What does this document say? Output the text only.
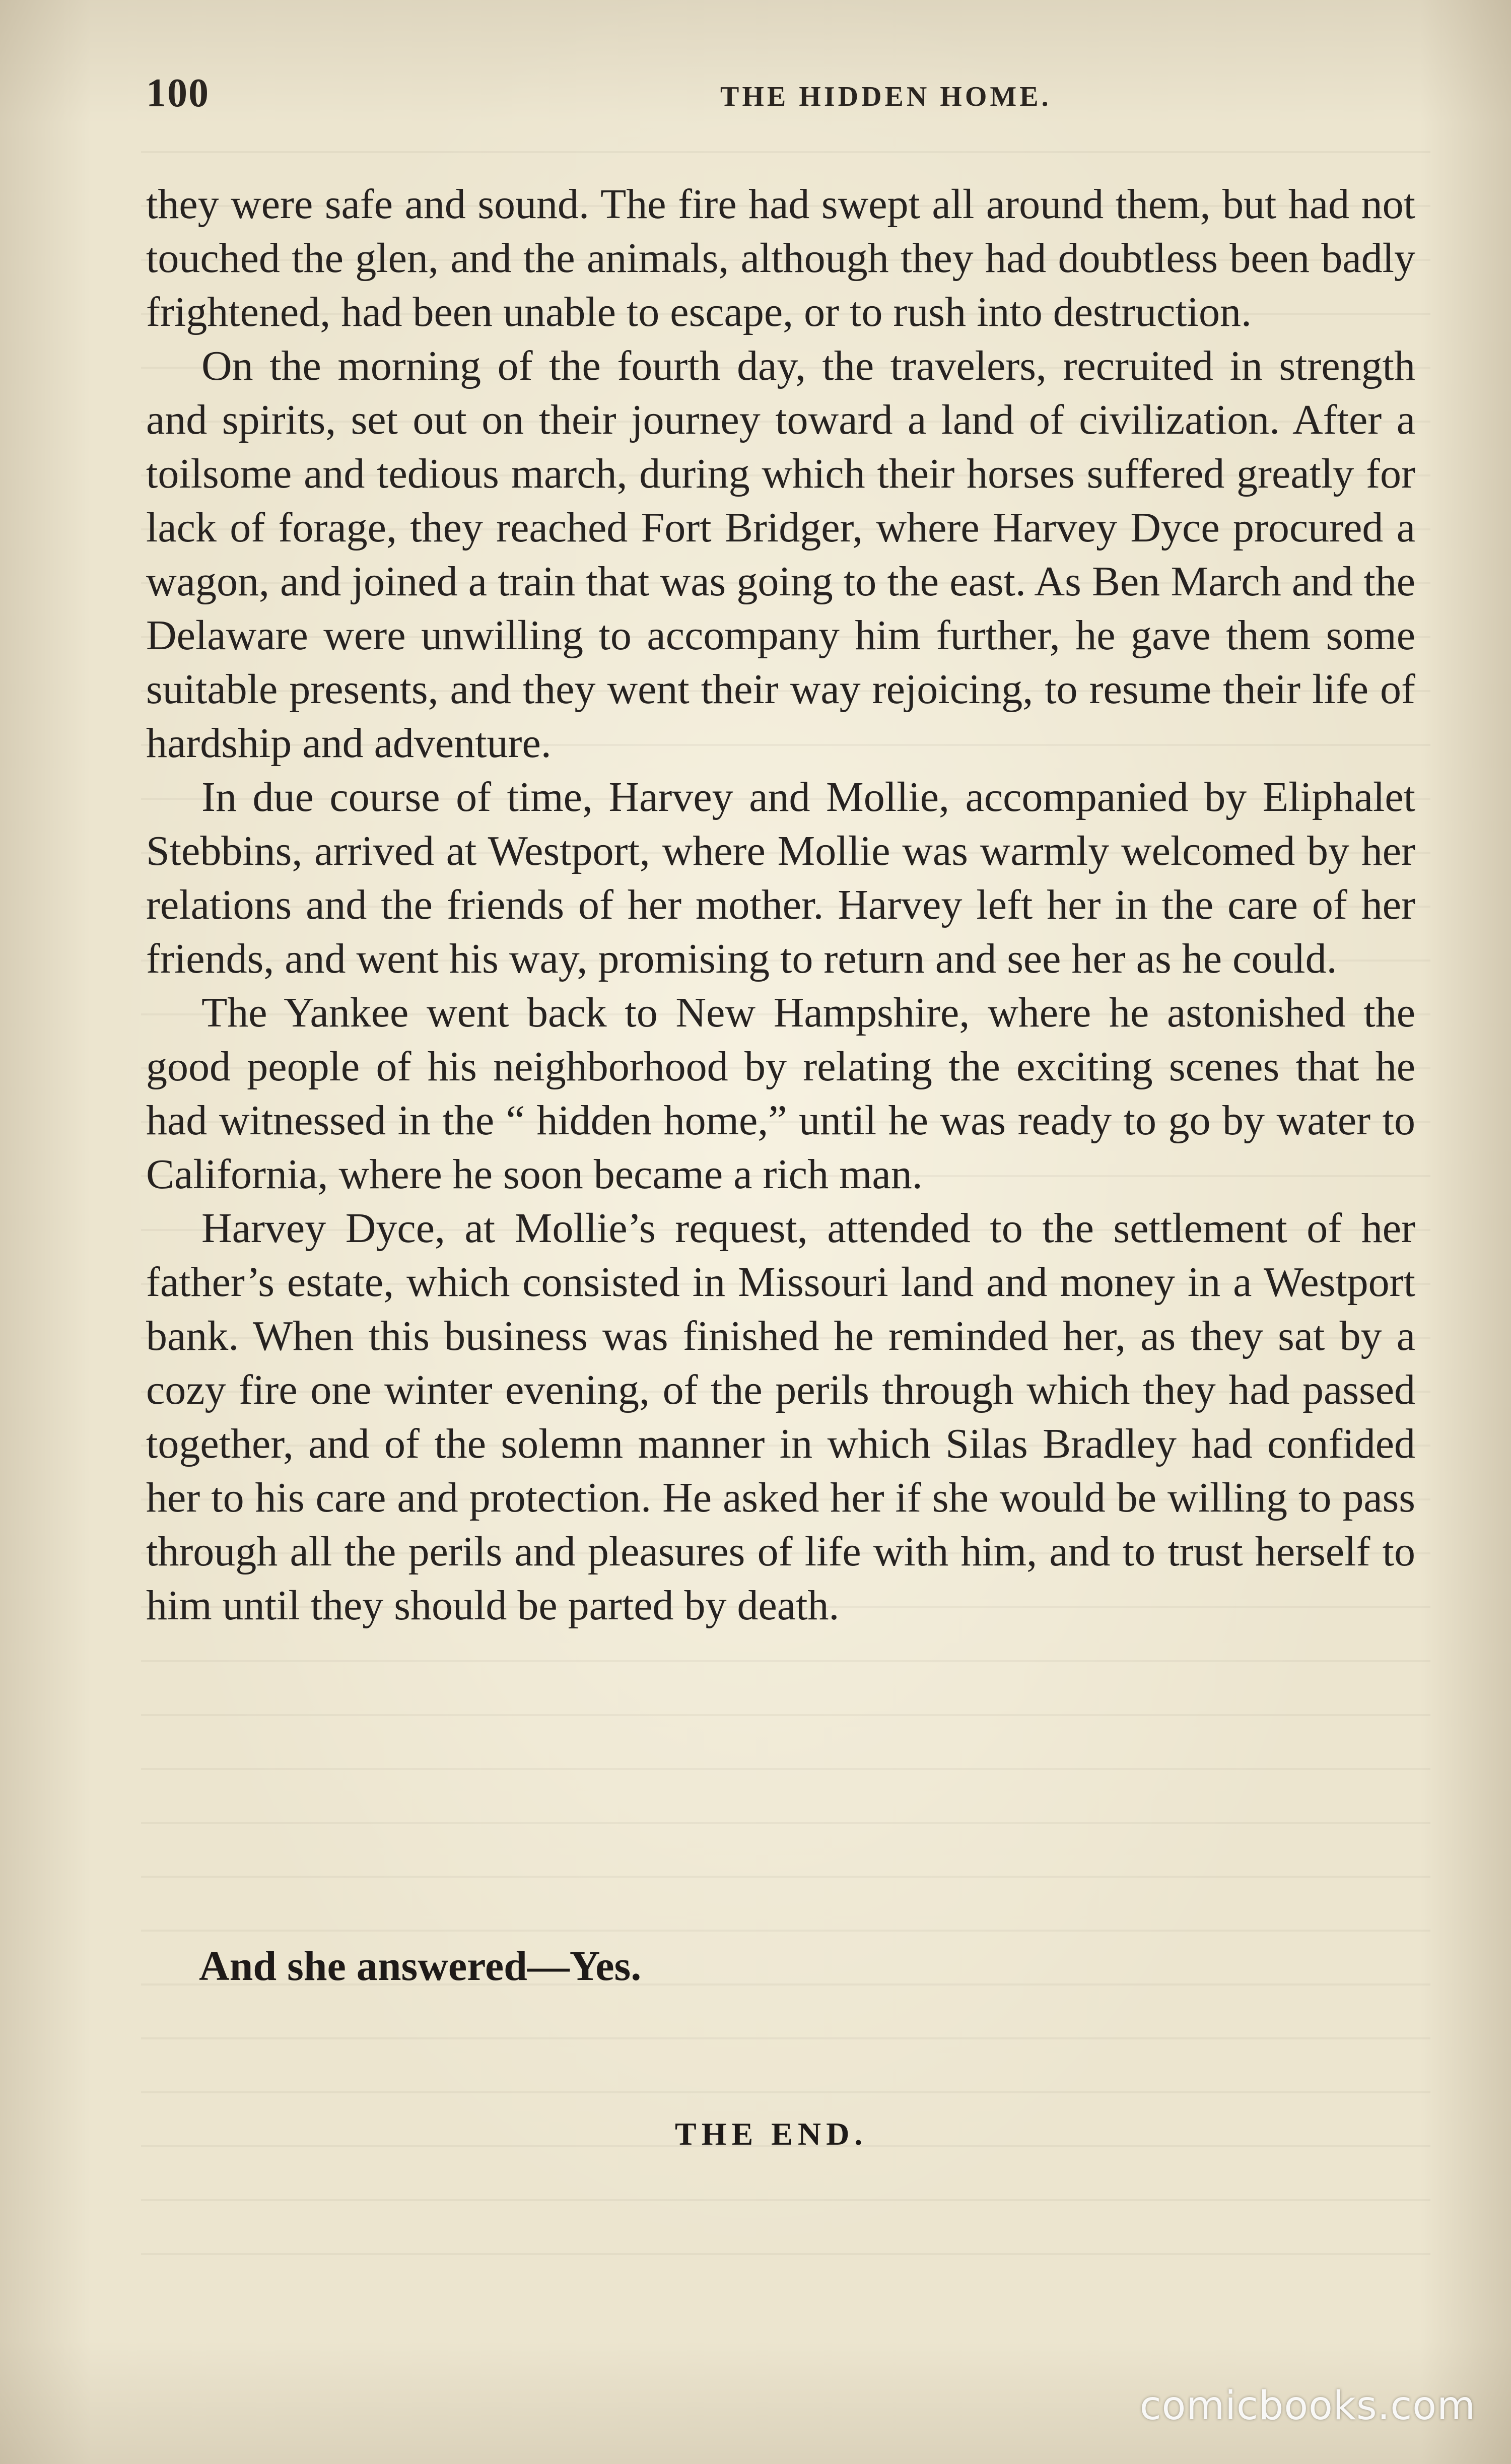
100	THE HIDDEN HOME.

they were safe and sound. The fire had swept all around them, but had not touched the glen, and the animals, although they had doubtless been badly frightened, had been unable to escape, or to rush into destruction.

On the morning of the fourth day, the travelers, recruited in strength and spirits, set out on their journey toward a land of civilization. After a toilsome and tedious march, during which their horses suffered greatly for lack of forage, they reached Fort Bridger, where Harvey Dyce procured a wagon, and joined a train that was going to the east. As Ben March and the Delaware were unwilling to accompany him further, he gave them some suitable presents, and they went their way rejoicing, to resume their life of hardship and adventure.

In due course of time, Harvey and Mollie, accompanied by Eliphalet Stebbins, arrived at Westport, where Mollie was warmly welcomed by her relations and the friends of her mother. Harvey left her in the care of her friends, and went his way, promising to return and see her as he could.

The Yankee went back to New Hampshire, where he astonished the good people of his neighborhood by relating the exciting scenes that he had witnessed in the “ hidden home,” until he was ready to go by water to California, where he soon became a rich man.

Harvey Dyce, at Mollie’s request, attended to the settlement of her father’s estate, which consisted in Missouri land and money in a Westport bank. When this business was finished he reminded her, as they sat by a cozy fire one winter evening, of the perils through which they had passed together, and of the solemn manner in which Silas Bradley had confided her to his care and protection. He asked her if she would be willing to pass through all the perils and pleasures of life with him, and to trust herself to him until they should be parted by death.

And she answered—Yes.
THE END.
comicbooks.com
